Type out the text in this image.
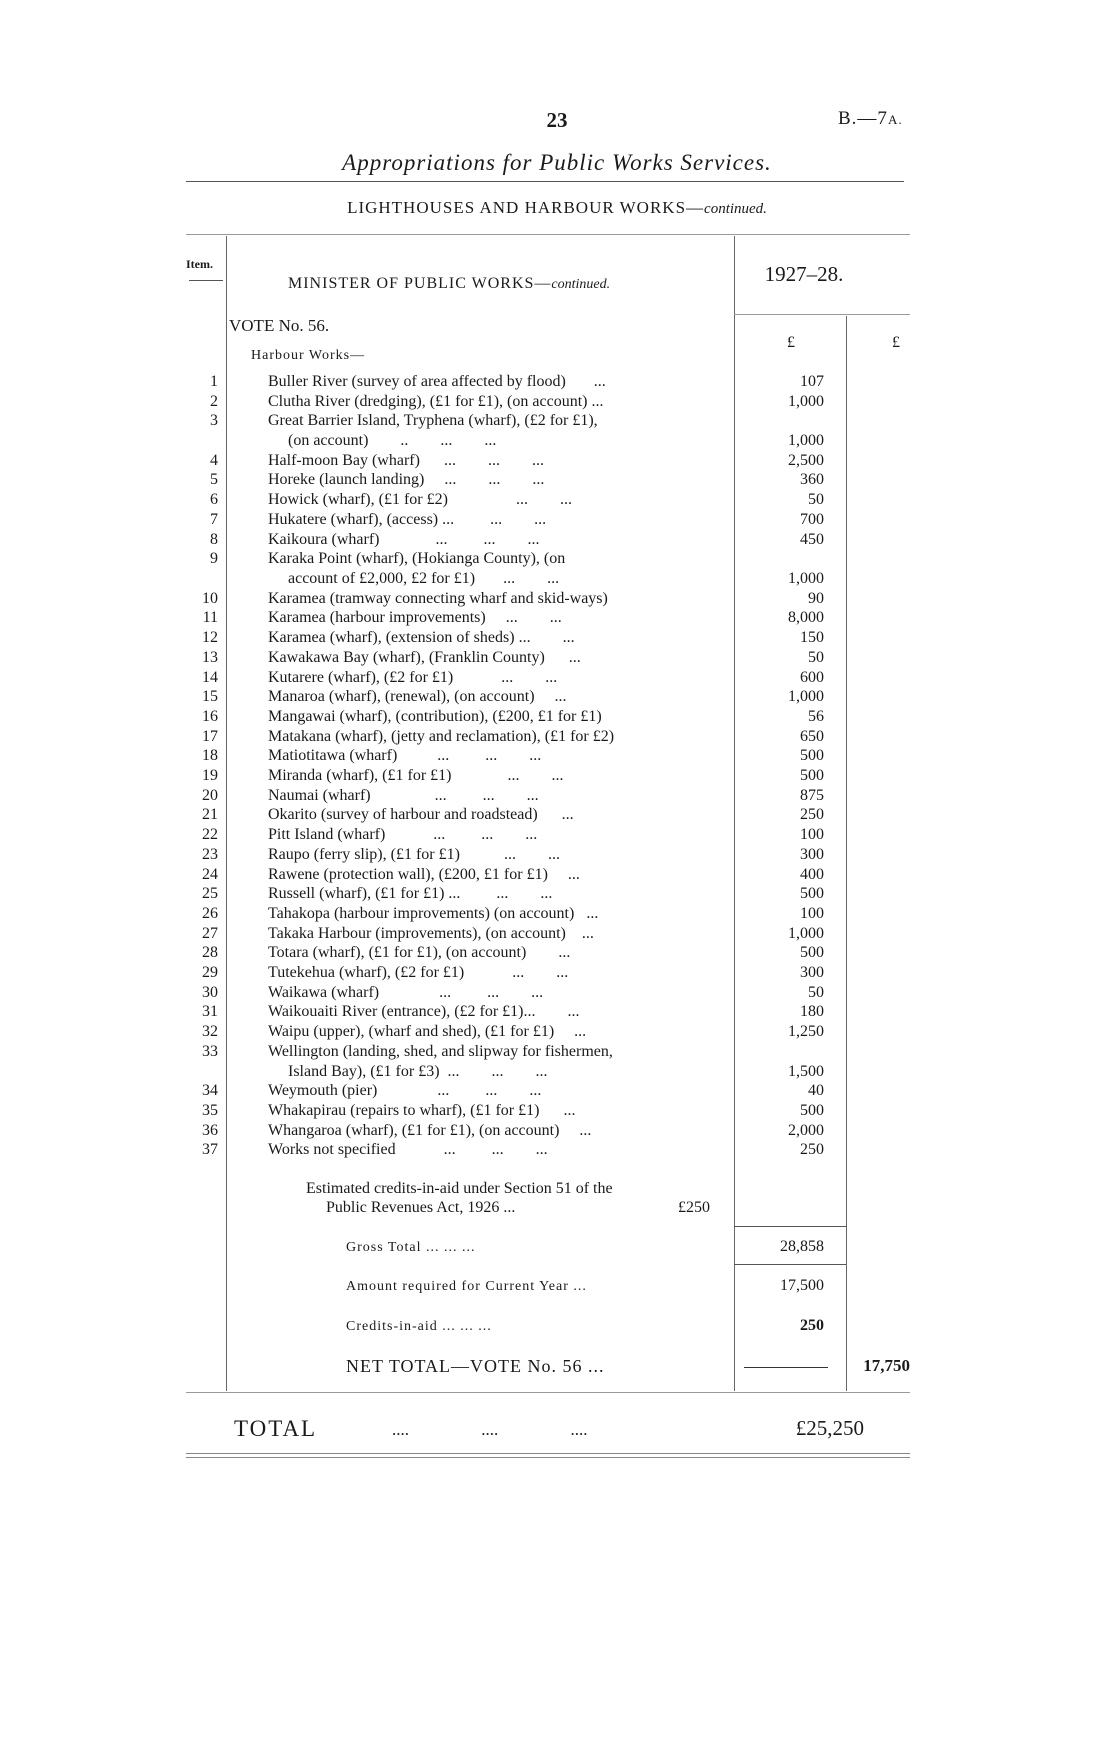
23	B.—7A.
Appropriations for Public Works Services.
LIGHTHOUSES AND HARBOUR WORKS—continued.
Item.
MINISTER OF PUBLIC WORKS—continued.	1927–28.
VOTE No. 56.
£	£
Harbour Works—
1	Buller River (survey of area affected by flood)       ...	107
2	Clutha River (dredging), (£1 for £1), (on account) ...	1,000
3	Great Barrier Island, Tryphena (wharf), (£2 for £1),
(on account)        ..        ...        ...	1,000
4	Half-moon Bay (wharf)      ...        ...        ...	2,500
5	Horeke (launch landing)     ...        ...        ...	360
6	Howick (wharf), (£1 for £2)                 ...        ...	50
7	Hukatere (wharf), (access) ...         ...        ...	700
8	Kaikoura (wharf)              ...         ...        ...	450
9	Karaka Point (wharf), (Hokianga County), (on
account of £2,000, £2 for £1)       ...        ...	1,000
10	Karamea (tramway connecting wharf and skid-ways)	90
11	Karamea (harbour improvements)     ...        ...	8,000
12	Karamea (wharf), (extension of sheds) ...        ...	150
13	Kawakawa Bay (wharf), (Franklin County)      ...	50
14	Kutarere (wharf), (£2 for £1)            ...        ...	600
15	Manaroa (wharf), (renewal), (on account)     ...	1,000
16	Mangawai (wharf), (contribution), (£200, £1 for £1)	56
17	Matakana (wharf), (jetty and reclamation), (£1 for £2)	650
18	Matiotitawa (wharf)          ...         ...        ...	500
19	Miranda (wharf), (£1 for £1)              ...        ...	500
20	Naumai (wharf)                ...         ...        ...	875
21	Okarito (survey of harbour and roadstead)      ...	250
22	Pitt Island (wharf)            ...         ...        ...	100
23	Raupo (ferry slip), (£1 for £1)           ...        ...	300
24	Rawene (protection wall), (£200, £1 for £1)     ...	400
25	Russell (wharf), (£1 for £1) ...         ...        ...	500
26	Tahakopa (harbour improvements) (on account)   ...	100
27	Takaka Harbour (improvements), (on account)    ...	1,000
28	Totara (wharf), (£1 for £1), (on account)        ...	500
29	Tutekehua (wharf), (£2 for £1)            ...        ...	300
30	Waikawa (wharf)               ...         ...        ...	50
31	Waikouaiti River (entrance), (£2 for £1)...        ...	180
32	Waipu (upper), (wharf and shed), (£1 for £1)     ...	1,250
33	Wellington (landing, shed, and slipway for fishermen,
Island Bay), (£1 for £3)  ...        ...        ...	1,500
34	Weymouth (pier)               ...         ...        ...	40
35	Whakapirau (repairs to wharf), (£1 for £1)      ...	500
36	Whangaroa (wharf), (£1 for £1), (on account)     ...	2,000
37	Works not specified            ...         ...        ...	250
Estimated credits-in-aid under Section 51 of the
Public Revenues Act, 1926 ...	£250
Gross Total ... ... ...	28,858
Amount required for Current Year ...	17,500
Credits-in-aid ... ... ...	250
NET TOTAL—VOTE No. 56 ...	17,750
TOTAL	....                 ....                 ....	£25,250
